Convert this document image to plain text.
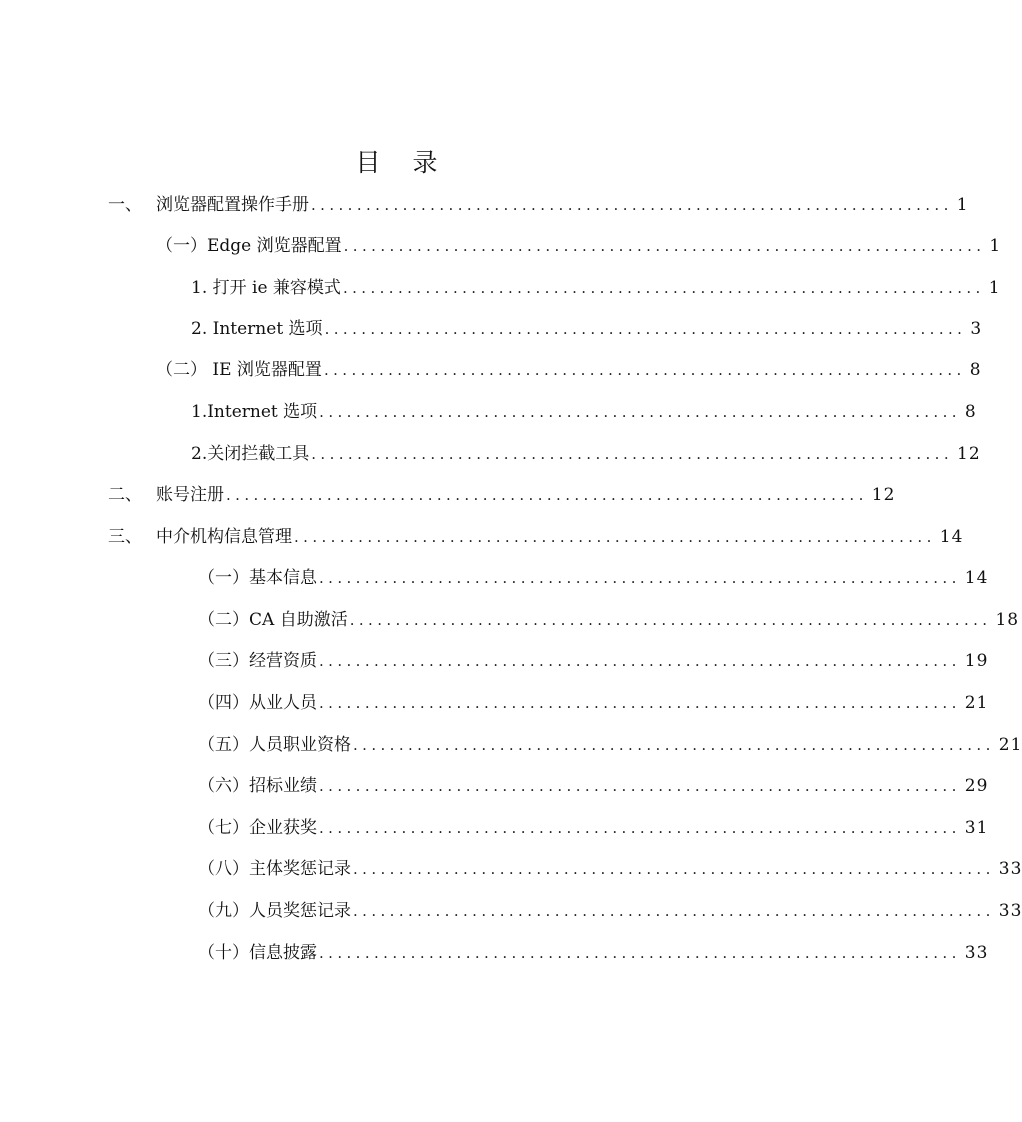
目 录
一、 浏览器配置操作手册 ...................................................................... 1
（一）Edge 浏览器配置 ...................................................................... 1
1. 打开 ie 兼容模式 ...................................................................... 1
2. Internet 选项 ...................................................................... 3
（二） IE 浏览器配置 ...................................................................... 8
1.Internet 选项 ...................................................................... 8
2.关闭拦截工具 ...................................................................... 12
二、 账号注册 ...................................................................... 12
三、 中介机构信息管理 ...................................................................... 14
（一）基本信息 ...................................................................... 14
（二）CA 自助激活 ...................................................................... 18
（三）经营资质 ...................................................................... 19
（四）从业人员 ...................................................................... 21
（五）人员职业资格 ...................................................................... 21
（六）招标业绩 ...................................................................... 29
（七）企业获奖 ...................................................................... 31
（八）主体奖惩记录 ...................................................................... 33
（九）人员奖惩记录 ...................................................................... 33
（十）信息披露 ...................................................................... 33
